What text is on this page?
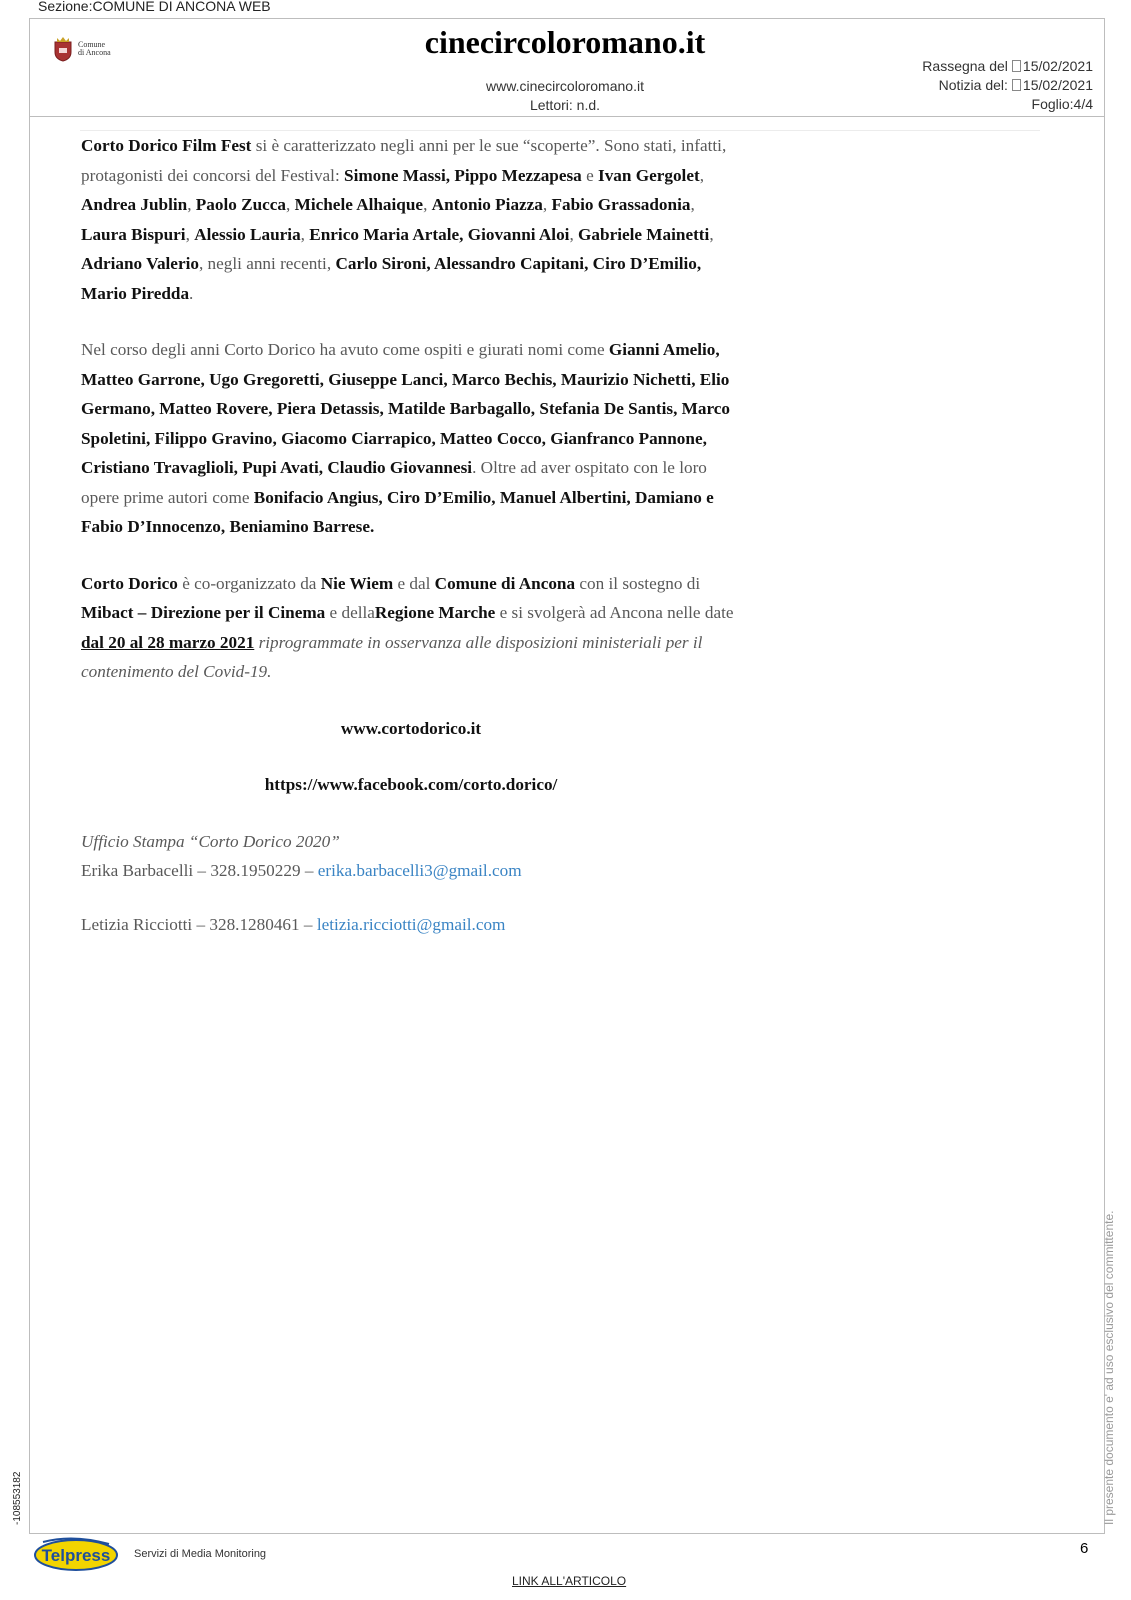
Sezione:COMUNE DI ANCONA WEB
Comune
di Ancona	cinecircoloromano.it
www.cinecircoloromano.it
Lettori: n.d.
Rassegna del 15/02/2021
Notizia del: 15/02/2021
Foglio:4/4

Corto Dorico Film Fest si è caratterizzato negli anni per le sue “scoperte”. Sono stati, infatti, protagonisti dei concorsi del Festival: Simone Massi, Pippo Mezzapesa e Ivan Gergolet, Andrea Jublin, Paolo Zucca, Michele Alhaique, Antonio Piazza, Fabio Grassadonia, Laura Bispuri, Alessio Lauria, Enrico Maria Artale, Giovanni Aloi, Gabriele Mainetti, Adriano Valerio, negli anni recenti, Carlo Sironi, Alessandro Capitani, Ciro D’Emilio, Mario Piredda.

Nel corso degli anni Corto Dorico ha avuto come ospiti e giurati nomi come Gianni Amelio, Matteo Garrone, Ugo Gregoretti, Giuseppe Lanci, Marco Bechis, Maurizio Nichetti, Elio Germano, Matteo Rovere, Piera Detassis, Matilde Barbagallo, Stefania De Santis, Marco Spoletini, Filippo Gravino, Giacomo Ciarrapico, Matteo Cocco, Gianfranco Pannone, Cristiano Travaglioli, Pupi Avati, Claudio Giovannesi. Oltre ad aver ospitato con le loro opere prime autori come Bonifacio Angius, Ciro D’Emilio, Manuel Albertini, Damiano e Fabio D’Innocenzo, Beniamino Barrese.

Corto Dorico è co-organizzato da Nie Wiem e dal Comune di Ancona con il sostegno di Mibact – Direzione per il Cinema e dellaRegione Marche e si svolgerà ad Ancona nelle date dal 20 al 28 marzo 2021 riprogrammate in osservanza alle disposizioni ministeriali per il contenimento del Covid-19.

www.cortodorico.it

https://www.facebook.com/corto.dorico/

Ufficio Stampa “Corto Dorico 2020”

Erika Barbacelli – 328.1950229 – erika.barbacelli3@gmail.com

Letizia Ricciotti – 328.1280461 – letizia.ricciotti@gmail.com

Il presente documento e' ad uso esclusivo del committente.
-108553182
6
Telpress Servizi di Media Monitoring
LINK ALL'ARTICOLO
